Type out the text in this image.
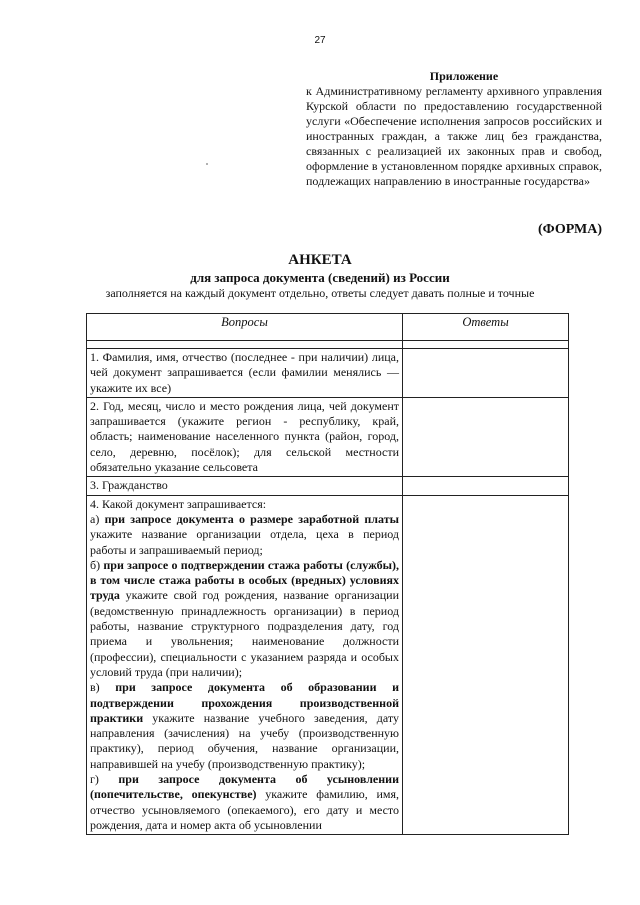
27
Приложение
к Административному регламенту архивного управления Курской области по предоставлению государственной услуги «Обеспечение исполнения запросов российских и иностранных граждан, а также лиц без гражданства, связанных с реализацией их законных прав и свобод, оформление в установленном порядке архивных справок, подлежащих направлению в иностранные государства»
(ФОРМА)
АНКЕТА
для запроса документа (сведений) из России
заполняется на каждый документ отдельно, ответы следует давать полные и точные
Вопросы	Ответы

1. Фамилия, имя, отчество (последнее - при наличии) лица, чей документ запрашивается (если фамилии менялись — укажите их все)	
2. Год, месяц, число и место рождения лица, чей документ запрашивается (укажите регион - республику, край, область; наименование населенного пункта (район, город, село, деревню, посёлок); для сельской местности обязательно указание сельсовета	
3. Гражданство	

4. Какой документ запрашивается:
а) при запросе документа о размере заработной платы укажите название организации отдела, цеха в период работы и запрашиваемый период;
б) при запросе о подтверждении стажа работы (службы), в том числе стажа работы в особых (вредных) условиях труда укажите свой год рождения, название организации (ведомственную принадлежность организации) в период работы, название структурного подразделения дату, год приема и увольнения; наименование должности (профессии), специальности с указанием разряда и особых условий труда (при наличии);
в) при запросе документа об образовании и подтверждении прохождения производственной практики укажите название учебного заведения, дату направления (зачисления) на учебу (производственную практику), период обучения, название организации, направившей на учебу (производственную практику);
г) при запросе документа об усыновлении (попечительстве, опекунстве) укажите фамилию, имя, отчество усыновляемого (опекаемого), его дату и место рождения, дата и номер акта об усыновлении	
